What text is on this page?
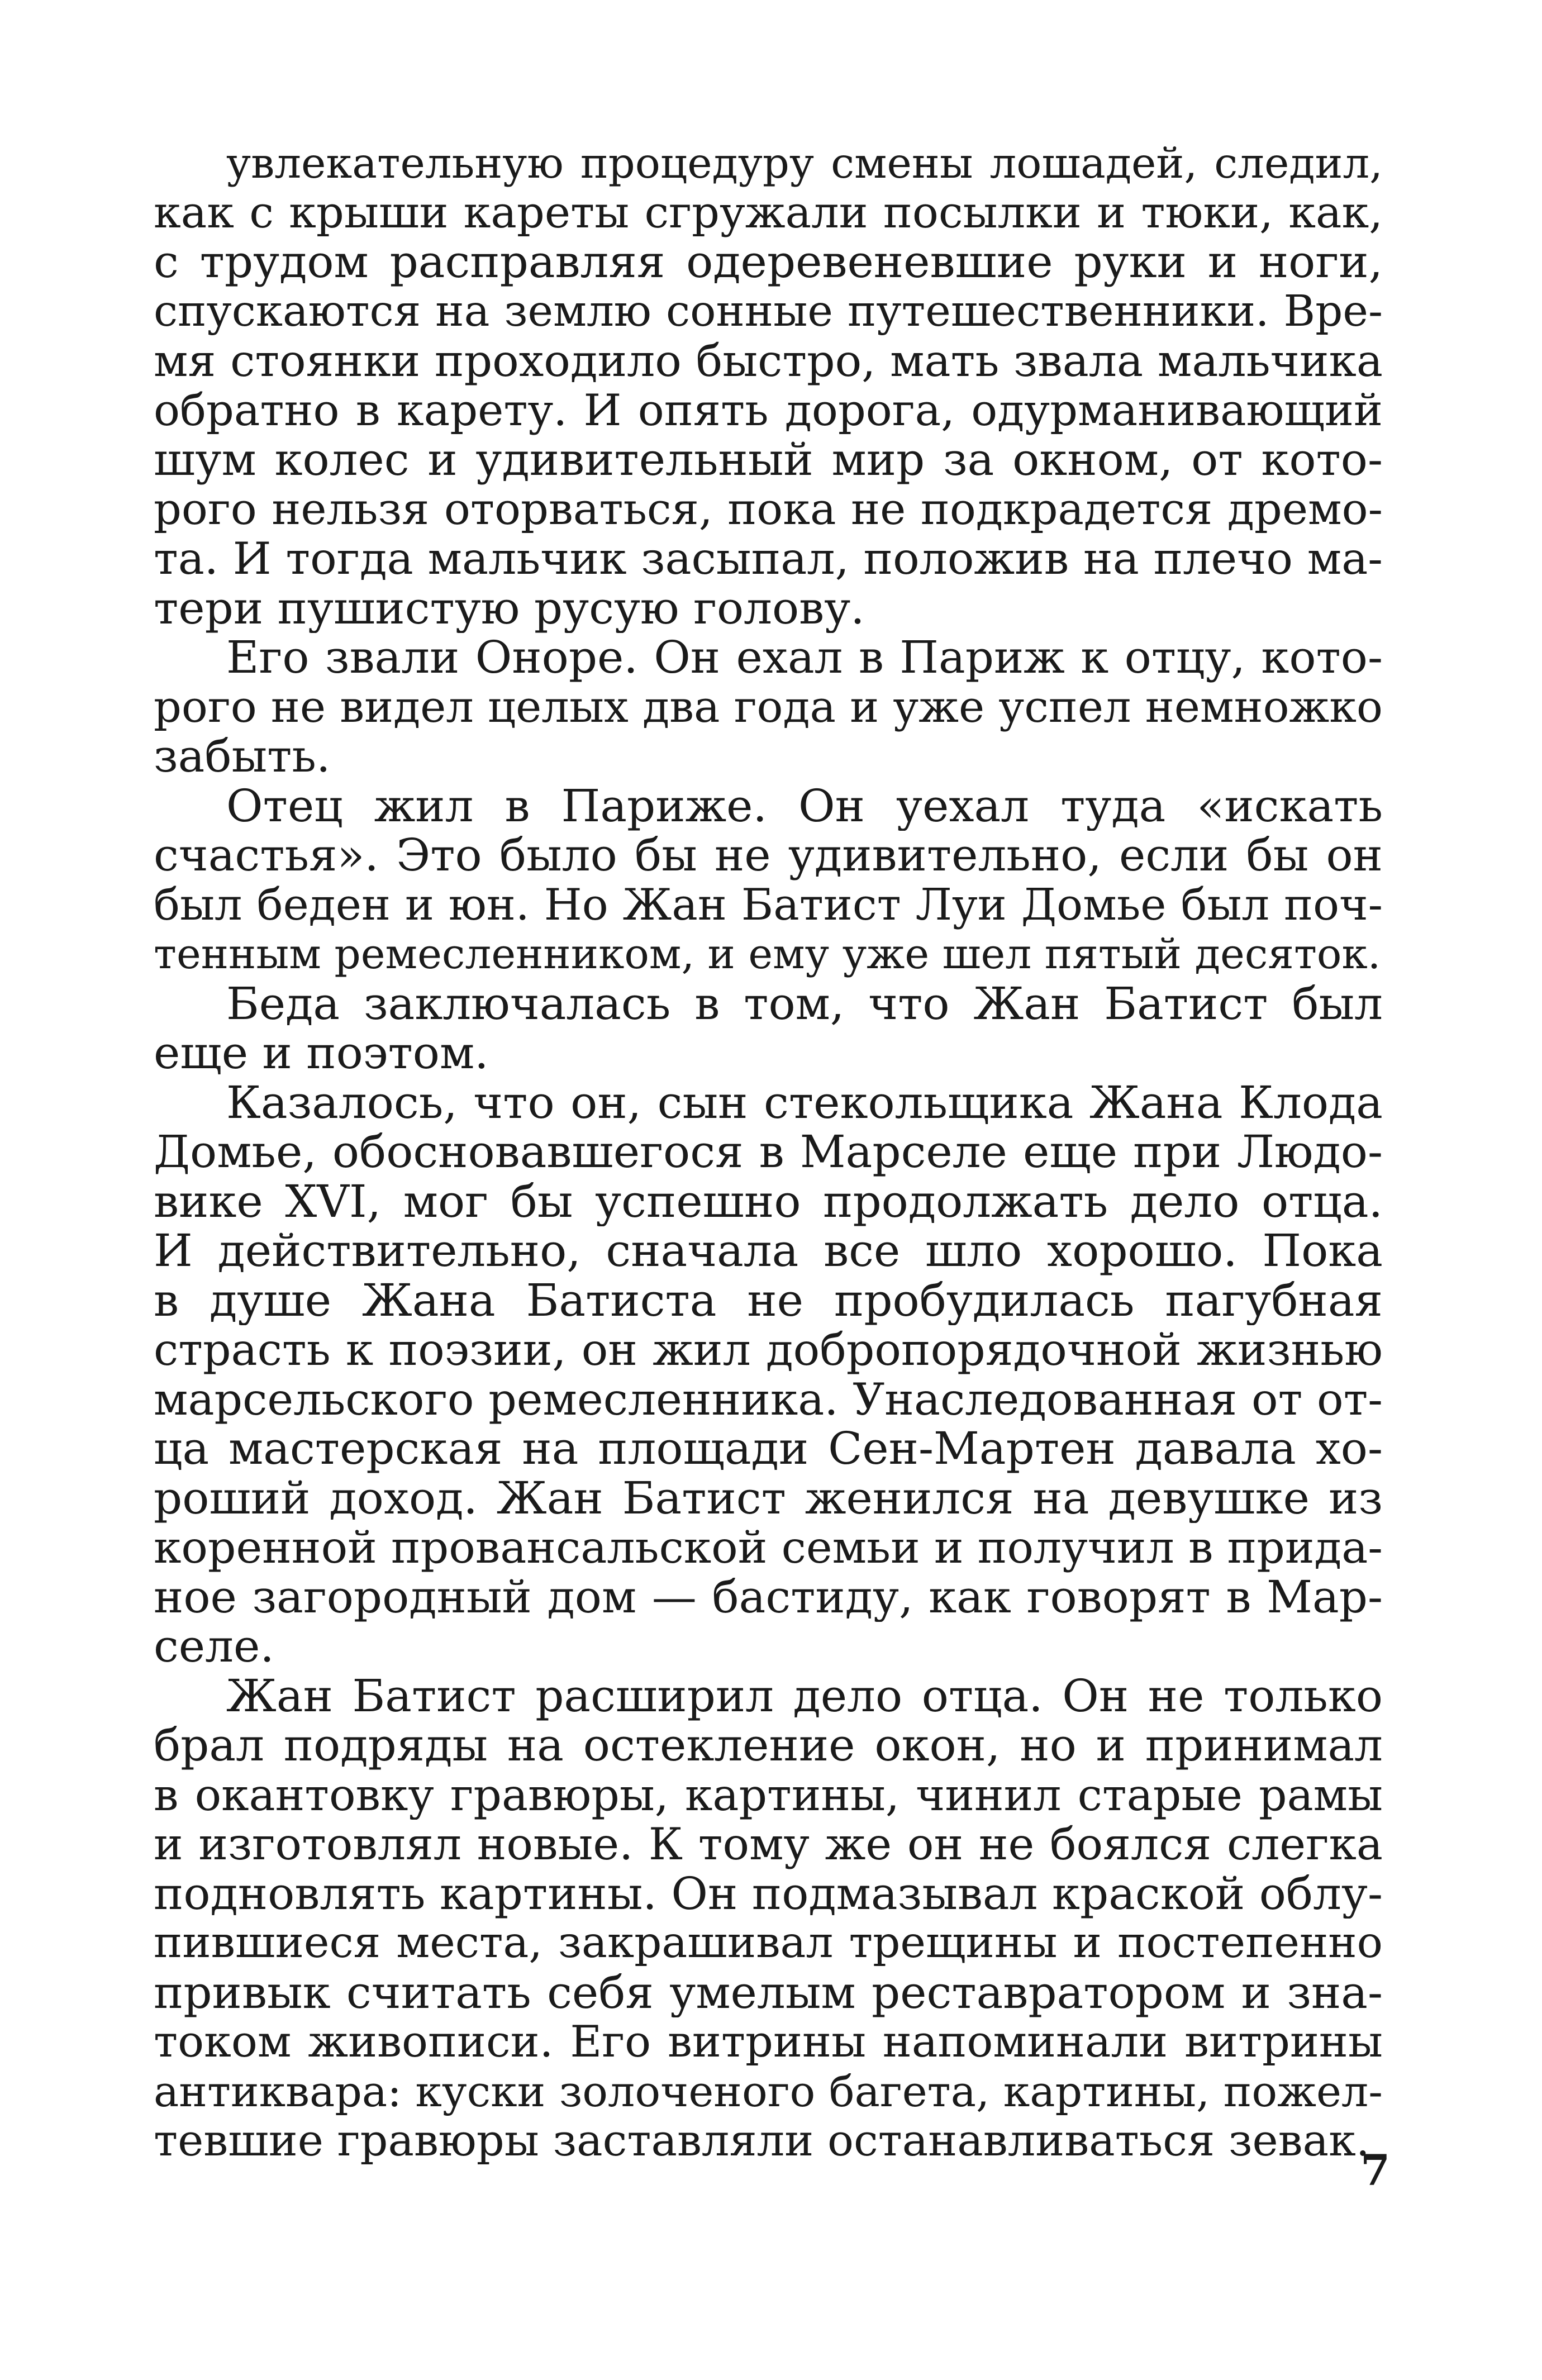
увлекательную процедуру смены лошадей, следил,
как с крыши кареты сгружали посылки и тюки, как,
с трудом расправляя одеревеневшие руки и ноги,
спускаются на землю сонные путешественники. Вре-
мя стоянки проходило быстро, мать звала мальчика
обратно в карету. И опять дорога, одурманивающий
шум колес и удивительный мир за окном, от кото-
рого нельзя оторваться, пока не подкрадется дремо-
та. И тогда мальчик засыпал, положив на плечо ма-
тери пушистую русую голову.
Его звали Оноре. Он ехал в Париж к отцу, кото-
рого не видел целых два года и уже успел немножко
забыть.
Отец жил в Париже. Он уехал туда «искать
счастья». Это было бы не удивительно, если бы он
был беден и юн. Но Жан Батист Луи Домье был поч-
тенным ремесленником, и ему уже шел пятый десяток.
Беда заключалась в том, что Жан Батист был
еще и поэтом.
Казалось, что он, сын стекольщика Жана Клода
Домье, обосновавшегося в Марселе еще при Людо-
вике XVI, мог бы успешно продолжать дело отца.
И действительно, сначала все шло хорошо. Пока
в душе Жана Батиста не пробудилась пагубная
страсть к поэзии, он жил добропорядочной жизнью
марсельского ремесленника. Унаследованная от от-
ца мастерская на площади Сен-Мартен давала хо-
роший доход. Жан Батист женился на девушке из
коренной провансальской семьи и получил в прида-
ное загородный дом — бастиду, как говорят в Мар-
селе.
Жан Батист расширил дело отца. Он не только
брал подряды на остекление окон, но и принимал
в окантовку гравюры, картины, чинил старые рамы
и изготовлял новые. К тому же он не боялся слегка
подновлять картины. Он подмазывал краской облу-
пившиеся места, закрашивал трещины и постепенно
привык считать себя умелым реставратором и зна-
током живописи. Его витрины напоминали витрины
антиквара: куски золоченого багета, картины, пожел-
тевшие гравюры заставляли останавливаться зевак.
7
